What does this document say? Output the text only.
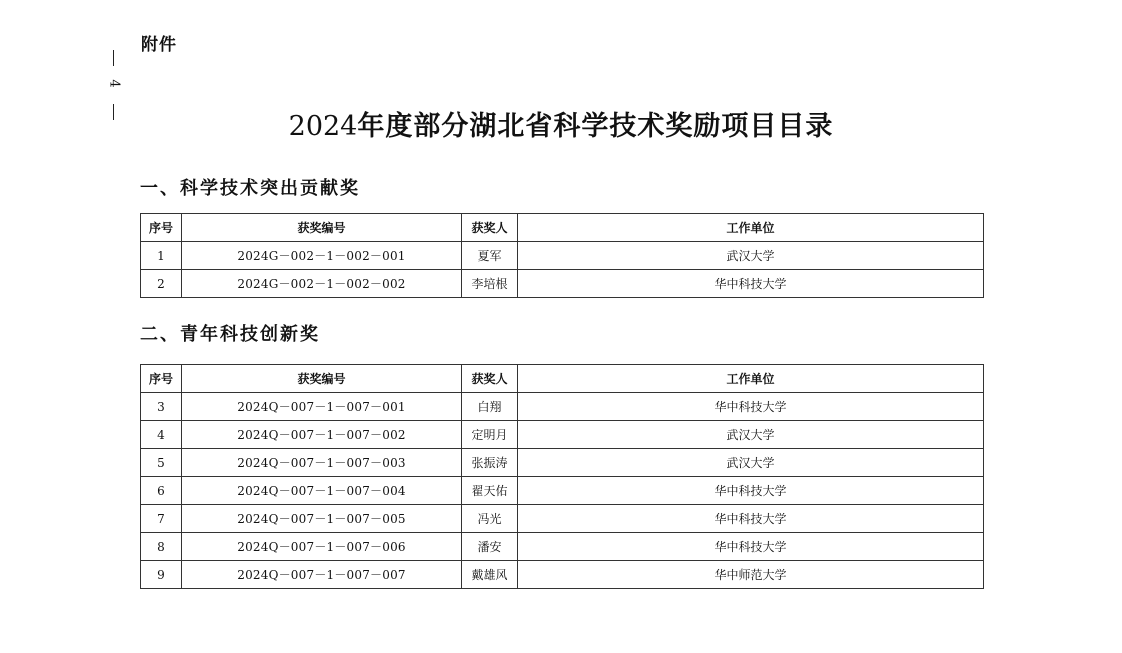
附件
4
2024年度部分湖北省科学技术奖励项目目录
一、科学技术突出贡献奖
序号	获奖编号	获奖人	工作单位
1	2024G－002－1－002－001	夏军	武汉大学
2	2024G－002－1－002－002	李培根	华中科技大学
二、青年科技创新奖
序号	获奖编号	获奖人	工作单位
3	2024Q－007－1－007－001	白翔	华中科技大学
4	2024Q－007－1－007－002	定明月	武汉大学
5	2024Q－007－1－007－003	张振涛	武汉大学
6	2024Q－007－1－007－004	翟天佑	华中科技大学
7	2024Q－007－1－007－005	冯光	华中科技大学
8	2024Q－007－1－007－006	潘安	华中科技大学
9	2024Q－007－1－007－007	戴雄风	华中师范大学
